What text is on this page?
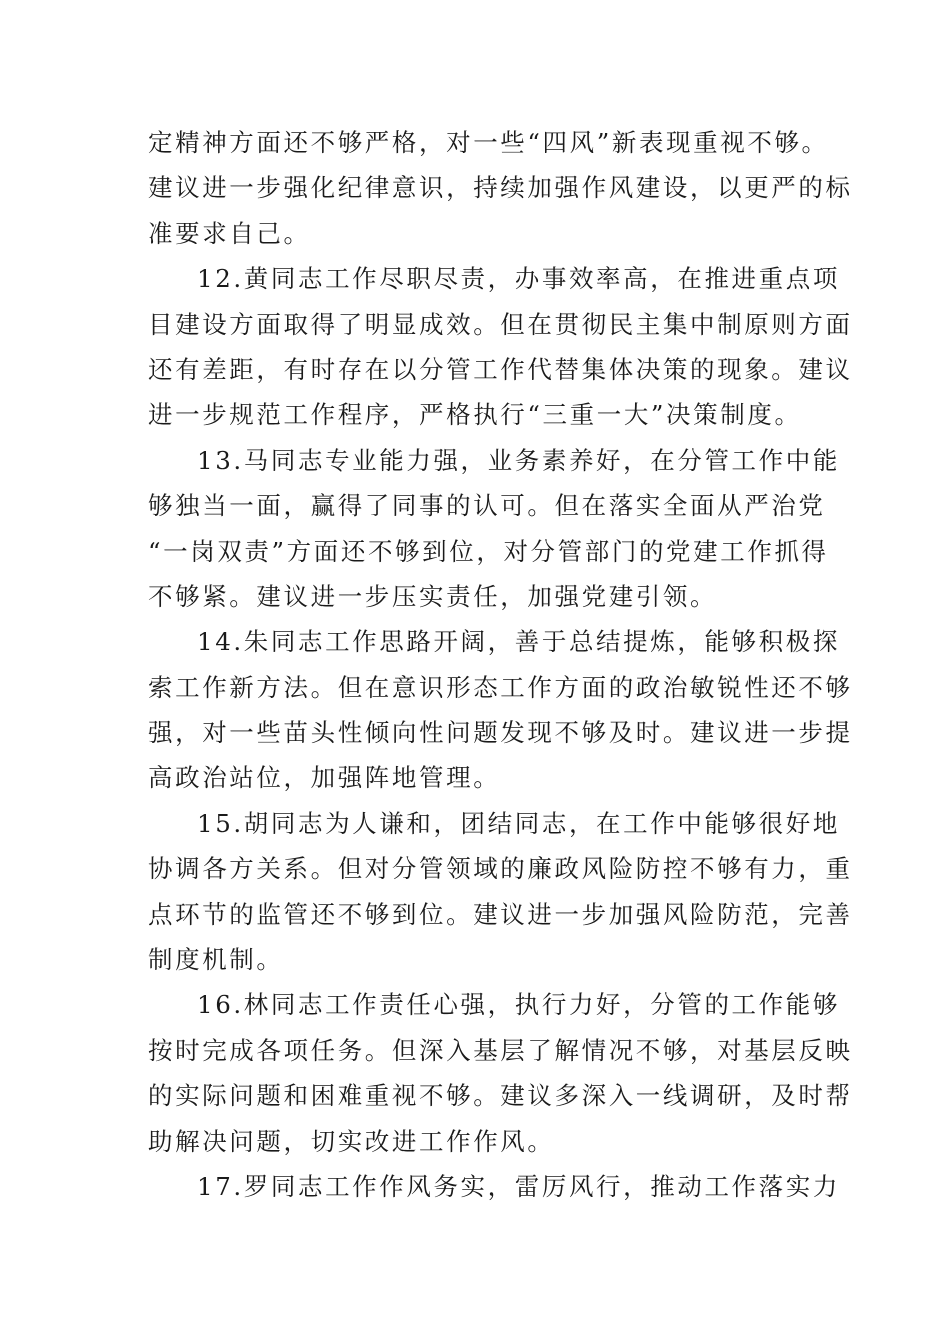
定精神方面还不够严格，对一些“四风”新表现重视不够。
建议进一步强化纪律意识，持续加强作风建设，以更严的标
准要求自己。
12.黄同志工作尽职尽责，办事效率高，在推进重点项
目建设方面取得了明显成效。但在贯彻民主集中制原则方面
还有差距，有时存在以分管工作代替集体决策的现象。建议
进一步规范工作程序，严格执行“三重一大”决策制度。
13.马同志专业能力强，业务素养好，在分管工作中能
够独当一面，赢得了同事的认可。但在落实全面从严治党
“一岗双责”方面还不够到位，对分管部门的党建工作抓得
不够紧。建议进一步压实责任，加强党建引领。
14.朱同志工作思路开阔，善于总结提炼，能够积极探
索工作新方法。但在意识形态工作方面的政治敏锐性还不够
强，对一些苗头性倾向性问题发现不够及时。建议进一步提
高政治站位，加强阵地管理。
15.胡同志为人谦和，团结同志，在工作中能够很好地
协调各方关系。但对分管领域的廉政风险防控不够有力，重
点环节的监管还不够到位。建议进一步加强风险防范，完善
制度机制。
16.林同志工作责任心强，执行力好，分管的工作能够
按时完成各项任务。但深入基层了解情况不够，对基层反映
的实际问题和困难重视不够。建议多深入一线调研，及时帮
助解决问题，切实改进工作作风。
17.罗同志工作作风务实，雷厉风行，推动工作落实力
